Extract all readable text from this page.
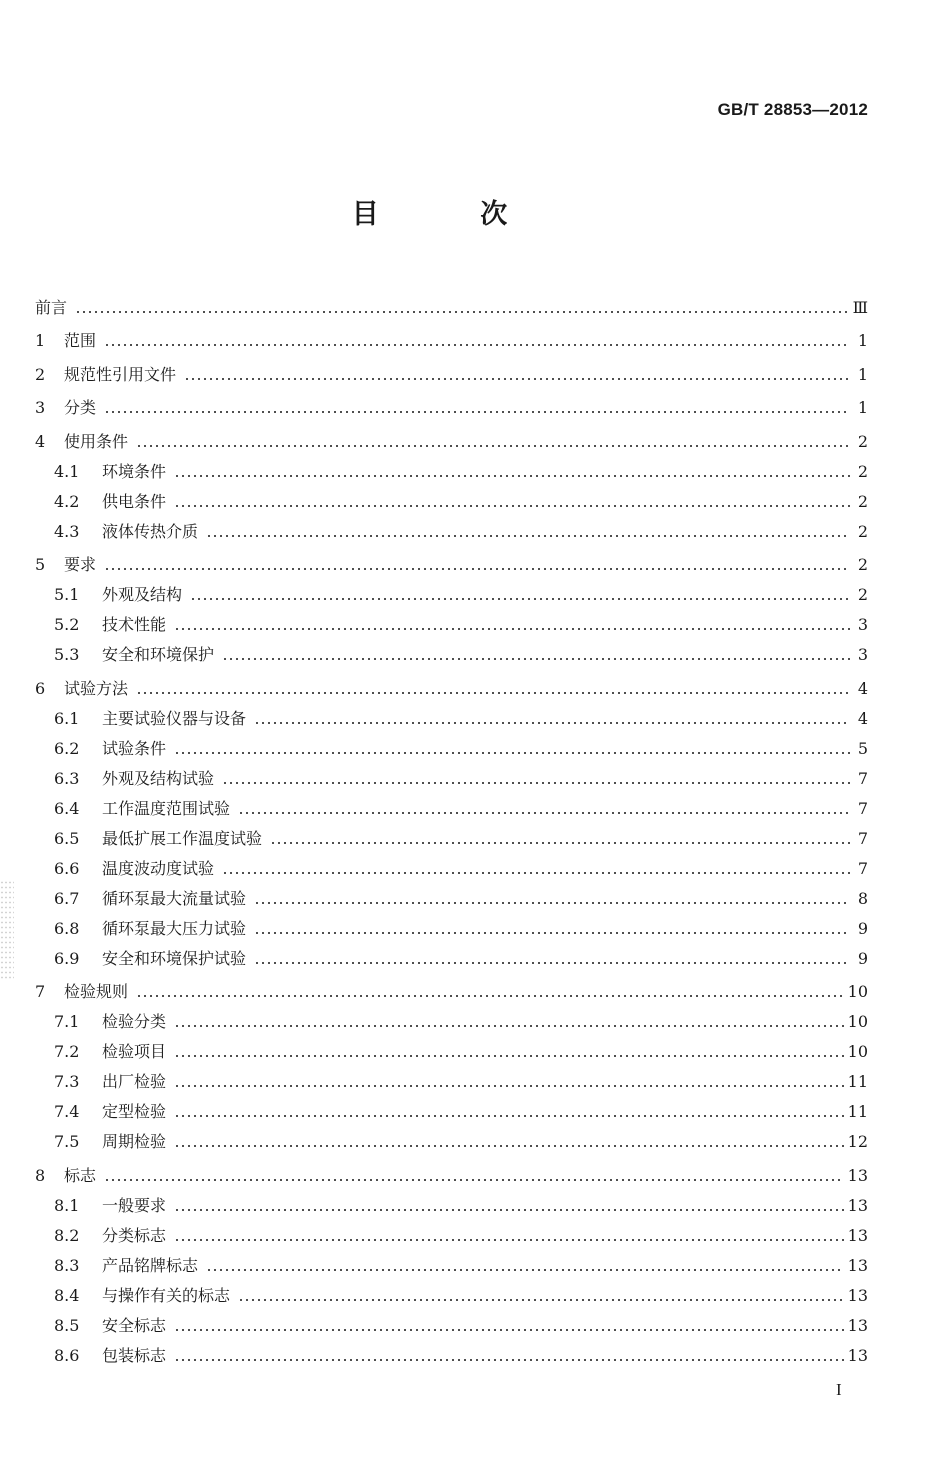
GB/T 28853—2012
目 次
前言	Ⅲ
1	范围	1
2	规范性引用文件	1
3	分类	1
4	使用条件	2
4.1	环境条件	2
4.2	供电条件	2
4.3	液体传热介质	2
5	要求	2
5.1	外观及结构	2
5.2	技术性能	3
5.3	安全和环境保护	3
6	试验方法	4
6.1	主要试验仪器与设备	4
6.2	试验条件	5
6.3	外观及结构试验	7
6.4	工作温度范围试验	7
6.5	最低扩展工作温度试验	7
6.6	温度波动度试验	7
6.7	循环泵最大流量试验	8
6.8	循环泵最大压力试验	9
6.9	安全和环境保护试验	9
7	检验规则	10
7.1	检验分类	10
7.2	检验项目	10
7.3	出厂检验	11
7.4	定型检验	11
7.5	周期检验	12
8	标志	13
8.1	一般要求	13
8.2	分类标志	13
8.3	产品铭牌标志	13
8.4	与操作有关的标志	13
8.5	安全标志	13
8.6	包装标志	13
I
